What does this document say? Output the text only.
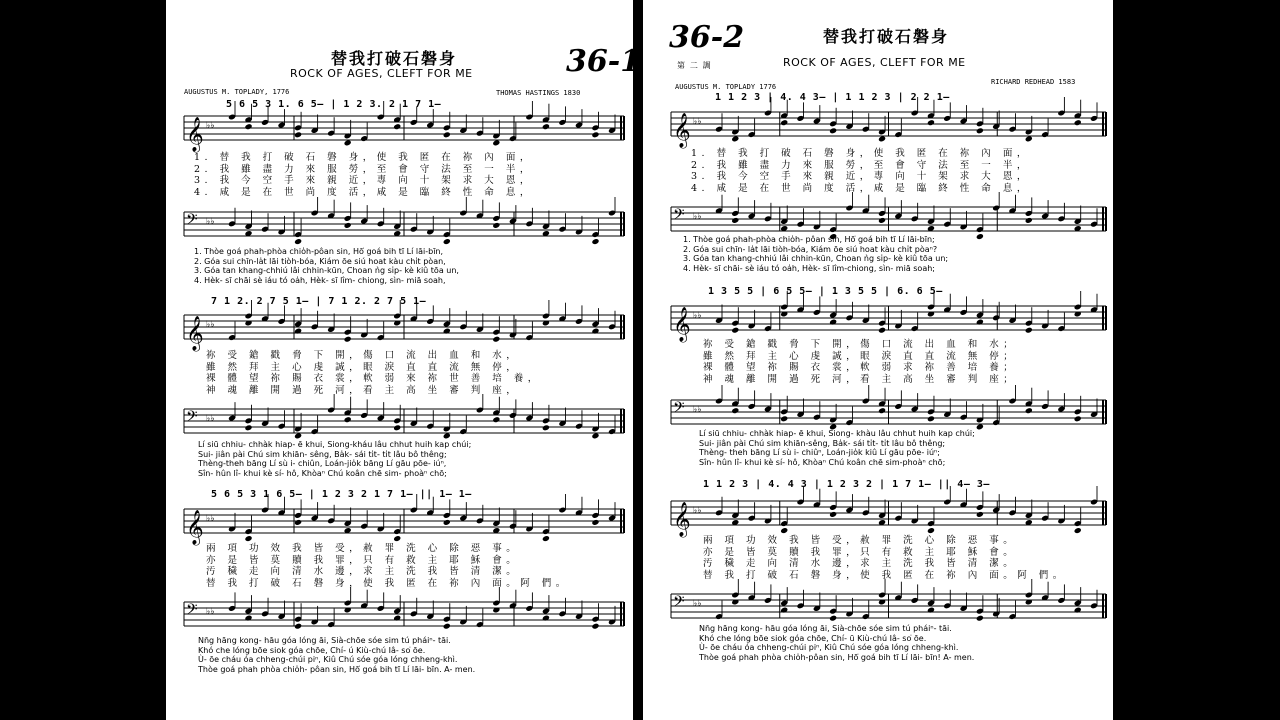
替我打破石磐身
ROCK OF AGES, CLEFT FOR ME	36-1
AUGUSTUS M. TOPLADY, 1776	THOMAS HASTINGS 1830
5 6 5 3 1. 6 5— | 1 2 3. 2 1 7 1—
𝄞 ♭♭
1. 替 我 打 破 石 磐 身，使 我 匿 在 祢 內 面，
2. 我 雖 盡 力 來 服 勞，至 會 守 法 至 一 半，
3. 我 今 空 手 來 親 近，專 向 十 架 求 大 恩，
4. 咸 是 在 世 尚 度 活，咸 是 臨 終 性 命 息，
𝄢 ♭♭
1. Thòe goá phah-phòa chio̍h-pôan sin, Hō͘ goá bih tī Lí lāi-bīn,
2. Góa sui chīn-la̍t lāi tiòh-bóa, Kiám ōe siú hoat kàu chi̍t pòan,
3. Góa tan khang-chhiú lâi chhin-kūn, Choan ǹg si̍p- kè kiû tōa un,
4. Hèk- sī chāi sè iáu tó oa̍h, Hèk- sī lîm- chiong, sìn- miā soah,
7 1 2. 2 7 5 1— | 7 1 2. 2 7 5 1—
𝄞 ♭♭
祢 受 鎗 戳 脅 下 開，傷 口 流 出 血 和 水，
雖 然 拜 主 心 虔 誠，眼 淚 直 直 流 無 停，
裸 體 望 祢 賜 衣 裳，軟 弱 來 祢 世 善 培 養，
神 魂 離 開 過 死 河，看 主 高 坐 審 判 座，
𝄢 ♭♭
Lí siū chhiu- chhàk hiap- ē khui, Siong-kháu lâu chhut huih kap chúi;
Sui- jiân pài Chú sim khiān- sêng, Ba̍k- sái ti̍t- ti̍t lâu bô thêng;
Thèng-theh bāng Lí sù i- chiûn, Loán-jio̍k bāng Lí gāu pōe- iúⁿ,
Sîn- hûn lî- khui kè sí- hô, Khòaⁿ Chú koân chē sim- phoàⁿ chō;
5 6 5 3 1 6 5— | 1 2 3 2 1 7 1— || 1— 1—
𝄞 ♭♭
兩 項 功 效 我 皆 受，赦 罪 洗 心 除 惡 事。
亦 是 皆 莫 贖 我 罪，只 有 救 主 耶 穌 會。
汚 穢 走 向 清 水 邊，求 主 洗 我 皆 清 潔。
替 我 打 破 石 磐 身，使 我 匿 在 祢 內 面。阿 們。
𝄢 ♭♭
Nn̄g hāng kong- hāu góa lóng āi, Sià-chōe sóe sim tú pháiⁿ- tāi.
Khó che lóng bōe siok góa chōe, Chí- ú Kiù-chú Iâ- so͘ ōe.
Ù- ōe cháu óa chheng-chúi piⁿ, Kiû Chú sóe góa lóng chheng-khì.
Thòe goá phah phòa chio̍h- pôan sin, Hō͘ goá bih tī Lí lāi- bīn. A- men.
36-2	替我打破石磐身
第 二 調	ROCK OF AGES, CLEFT FOR ME
AUGUSTUS M. TOPLADY 1776
RICHARD REDHEAD 1583
1 1 2 3 | 4. 4 3— | 1 1 2 3 | 2 2 1—
𝄞 ♭♭
1. 替 我 打 破 石 磐 身，使 我 匿 在 祢 內 面，
2. 我 雖 盡 力 來 服 勞，至 會 守 法 至 一 半，
3. 我 今 空 手 來 親 近，專 向 十 架 求 大 恩，
4. 咸 是 在 世 尚 度 活，咸 是 臨 終 性 命 息，
𝄢 ♭♭
1. Thòe goá phah-phòa chio̍h- pôan sin, Hō͘ goá bih tī Lí lāi-bīn;
2. Góa sui chīn- la̍t lāi tiòh-bóa, Kiám ōe siú hoat kàu chi̍t pòaⁿ?
3. Góa tan khang-chhiú lâi chhin-kūn, Choan ǹg si̍p- kè kiû tōa un;
4. Hèk- sī chāi- sè iáu tó oa̍h, Hèk- sī lîm-chiong, sìn- miā soah;
1 3 5 5 | 6 5 5— | 1 3 5 5 | 6. 6 5—
𝄞 ♭♭
祢 受 鎗 戳 脅 下 開，傷 口 流 出 血 和 水；
雖 然 拜 主 心 虔 誠，眼 淚 直 直 流 無 停；
裸 體 望 祢 賜 衣 裳，軟 弱 求 祢 善 培 養；
神 魂 離 開 過 死 河，看 主 高 坐 審 判 座；
𝄢 ♭♭
Lí siū chhiu- chhàk hiap- ē khui, Siong- khàu lâu chhut huih kap chúi;
Sui- jiân pài Chú sim khiān-sêng, Ba̍k- sái ti̍t- ti̍t lâu bô thêng;
Thèng- theh bāng Lí sù i- chiûⁿ, Loán-jio̍k kiû Lí gāu pōe- iúⁿ;
Sîn- hûn lî- khui kè sí- hô, Khòaⁿ Chú koân chē sim-phoàⁿ chō;
1 1 2 3 | 4. 4 3 | 1 2 3 2 | 1 7 1— || 4— 3—
𝄞 ♭♭
兩 項 功 效 我 皆 受，赦 罪 洗 心 除 惡 事。
亦 是 皆 莫 贖 我 罪，只 有 救 主 耶 穌 會。
汚 穢 走 向 清 水 邊，求 主 洗 我 皆 清 潔。
替 我 打 破 石 磐 身，使 我 匿 在 祢 內 面。阿 們。
𝄢 ♭♭
Nn̄g hāng kong- hāu góa lóng āi, Sià-chōe sóe sim tú pháiⁿ- tāi.
Khó che lóng bōe siok góa chōe, Chí- ū Kiù-chú Iâ- so͘ ōe.
Ù- ōe cháu óa chheng-chúi piⁿ, Kiû Chú sóe góa lóng chheng-khì.
Thòe goá phah phòa chio̍h-pôan sin, Hō͘ goá bih tī Lí lāi- bīn! A- men.
